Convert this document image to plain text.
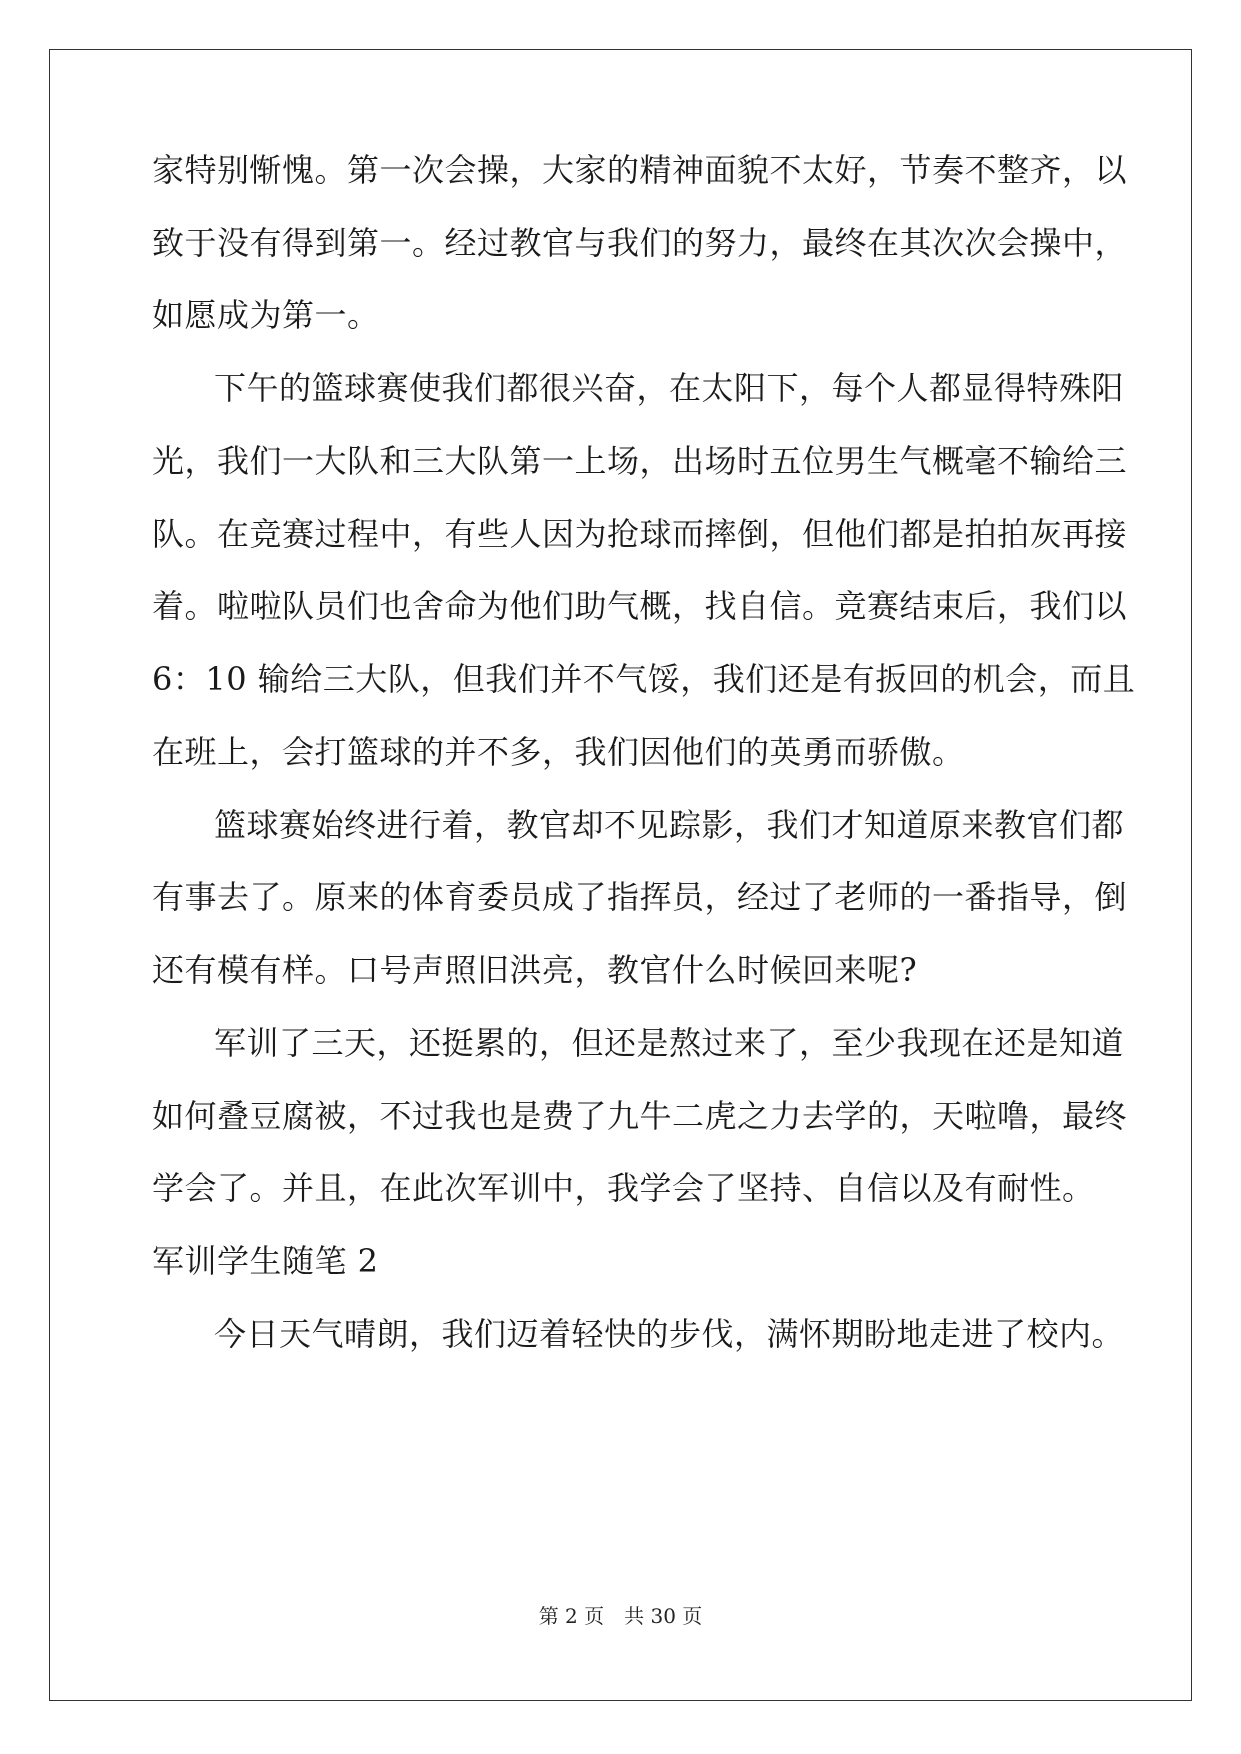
家特别惭愧。第一次会操，大家的精神面貌不太好，节奏不整齐，以
致于没有得到第一。经过教官与我们的努力，最终在其次次会操中，
如愿成为第一。
下午的篮球赛使我们都很兴奋，在太阳下，每个人都显得特殊阳
光，我们一大队和三大队第一上场，出场时五位男生气概毫不输给三
队。在竞赛过程中，有些人因为抢球而摔倒，但他们都是拍拍灰再接
着。啦啦队员们也舍命为他们助气概，找自信。竞赛结束后，我们以
6：10 输给三大队，但我们并不气馁，我们还是有扳回的机会，而且
在班上，会打篮球的并不多，我们因他们的英勇而骄傲。
篮球赛始终进行着，教官却不见踪影，我们才知道原来教官们都
有事去了。原来的体育委员成了指挥员，经过了老师的一番指导，倒
还有模有样。口号声照旧洪亮，教官什么时候回来呢?
军训了三天，还挺累的，但还是熬过来了，至少我现在还是知道
如何叠豆腐被，不过我也是费了九牛二虎之力去学的，天啦噜，最终
学会了。并且，在此次军训中，我学会了坚持、自信以及有耐性。
军训学生随笔 2
今日天气晴朗，我们迈着轻快的步伐，满怀期盼地走进了校内。
第 2 页 共 30 页
